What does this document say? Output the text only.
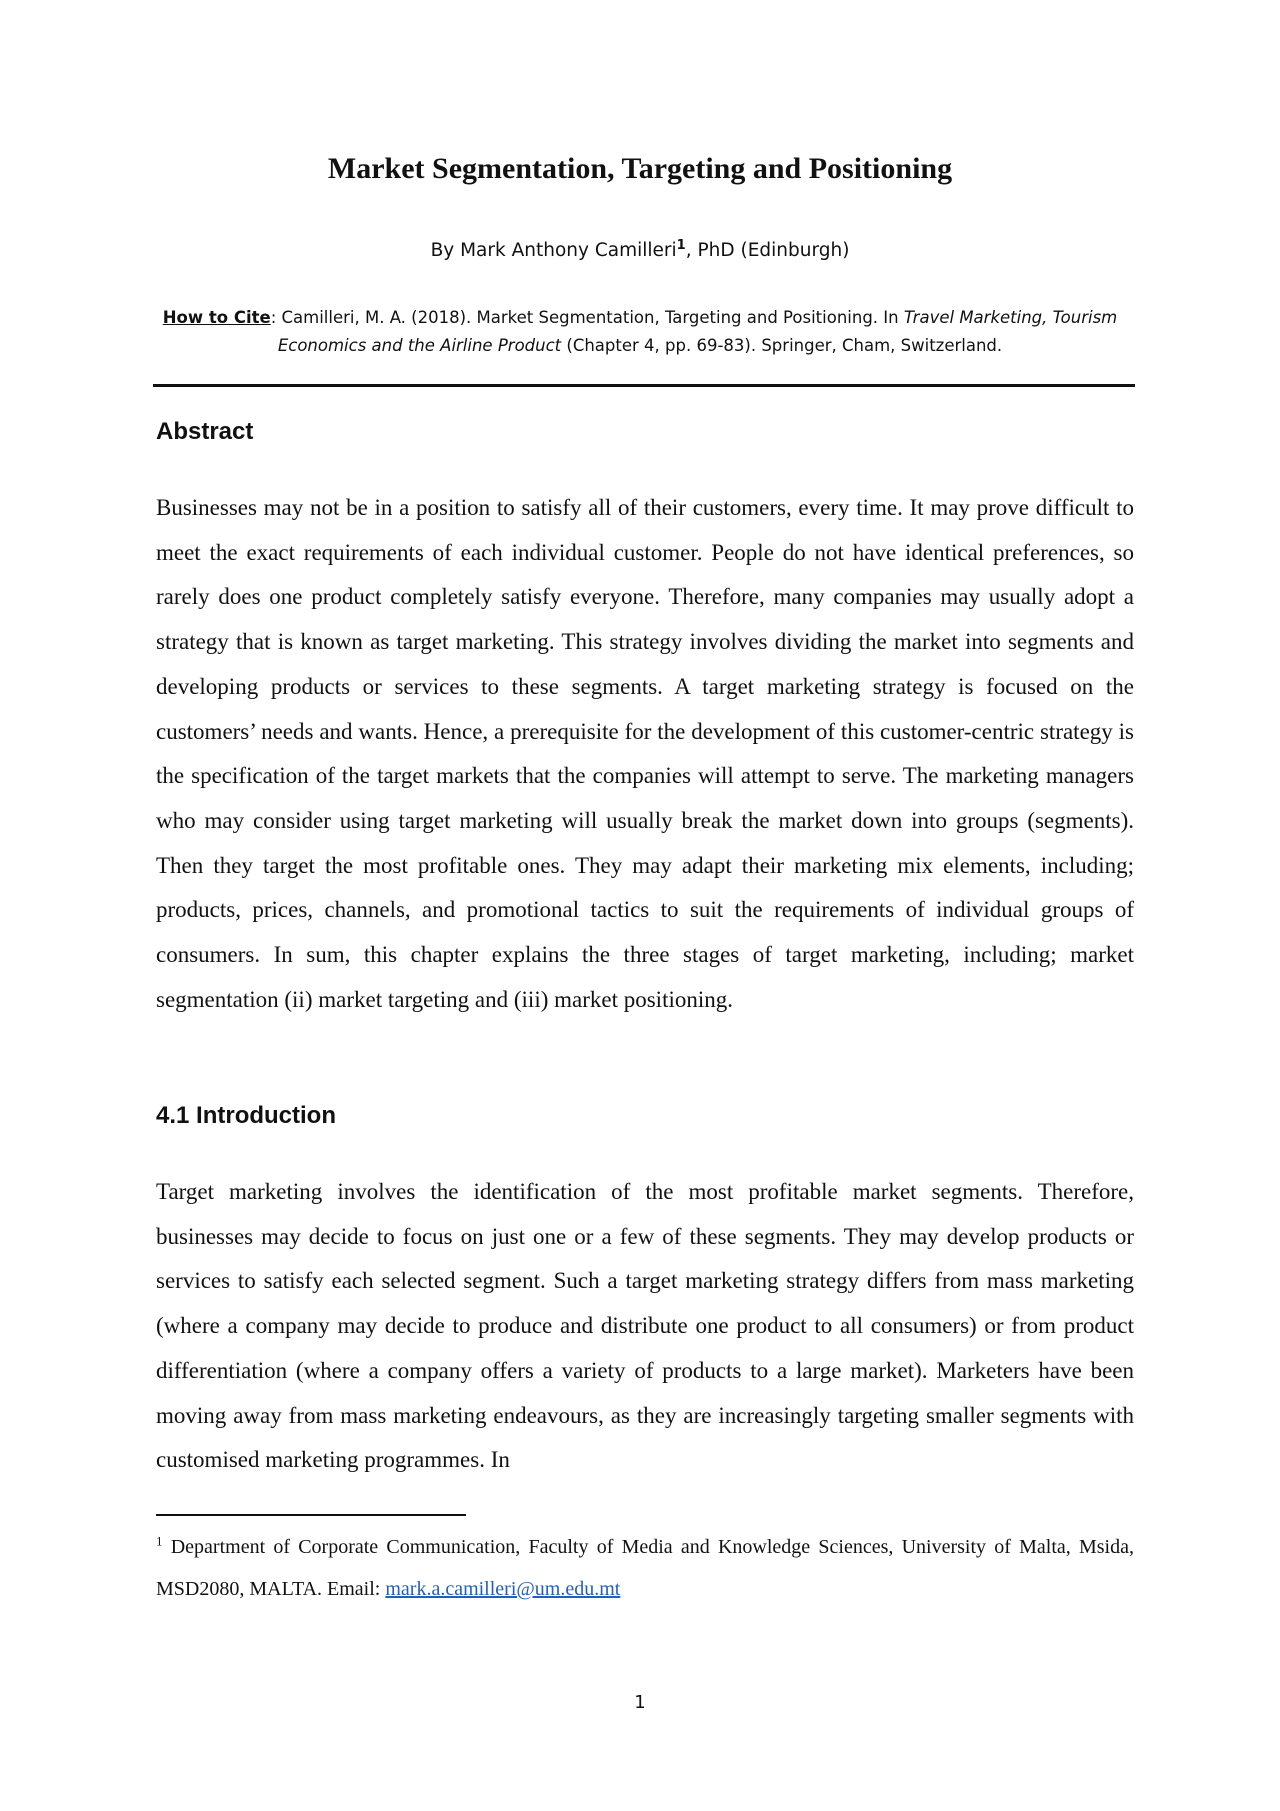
Market Segmentation, Targeting and Positioning
By Mark Anthony Camilleri$^1$, PhD (Edinburgh)
How to Cite: Camilleri, M. A. (2018). Market Segmentation, Targeting and Positioning. In Travel Marketing, Tourism Economics and the Airline Product (Chapter 4, pp. 69-83). Springer, Cham, Switzerland.
Abstract

Businesses may not be in a position to satisfy all of their customers, every time. It may prove difficult to meet the exact requirements of each individual customer. People do not have identical preferences, so rarely does one product completely satisfy everyone. Therefore, many companies may usually adopt a strategy that is known as target marketing. This strategy involves dividing the market into segments and developing products or services to these segments. A target marketing strategy is focused on the customers’ needs and wants. Hence, a prerequisite for the development of this customer-centric strategy is the specification of the target markets that the companies will attempt to serve. The marketing managers who may consider using target marketing will usually break the market down into groups (segments). Then they target the most profitable ones. They may adapt their marketing mix elements, including; products, prices, channels, and promotional tactics to suit the requirements of individual groups of consumers. In sum, this chapter explains the three stages of target marketing, including; market segmentation (ii) market targeting and (iii) market positioning.

4.1 Introduction

Target marketing involves the identification of the most profitable market segments. Therefore, businesses may decide to focus on just one or a few of these segments. They may develop products or services to satisfy each selected segment. Such a target marketing strategy differs from mass marketing (where a company may decide to produce and distribute one product to all consumers) or from product differentiation (where a company offers a variety of products to a large market). Marketers have been moving away from mass marketing endeavours, as they are increasingly targeting smaller segments with customised marketing programmes. In

$^1$ Department of Corporate Communication, Faculty of Media and Knowledge Sciences, University of Malta, Msida, MSD2080, MALTA. Email: mark.a.camilleri@um.edu.mt

1
